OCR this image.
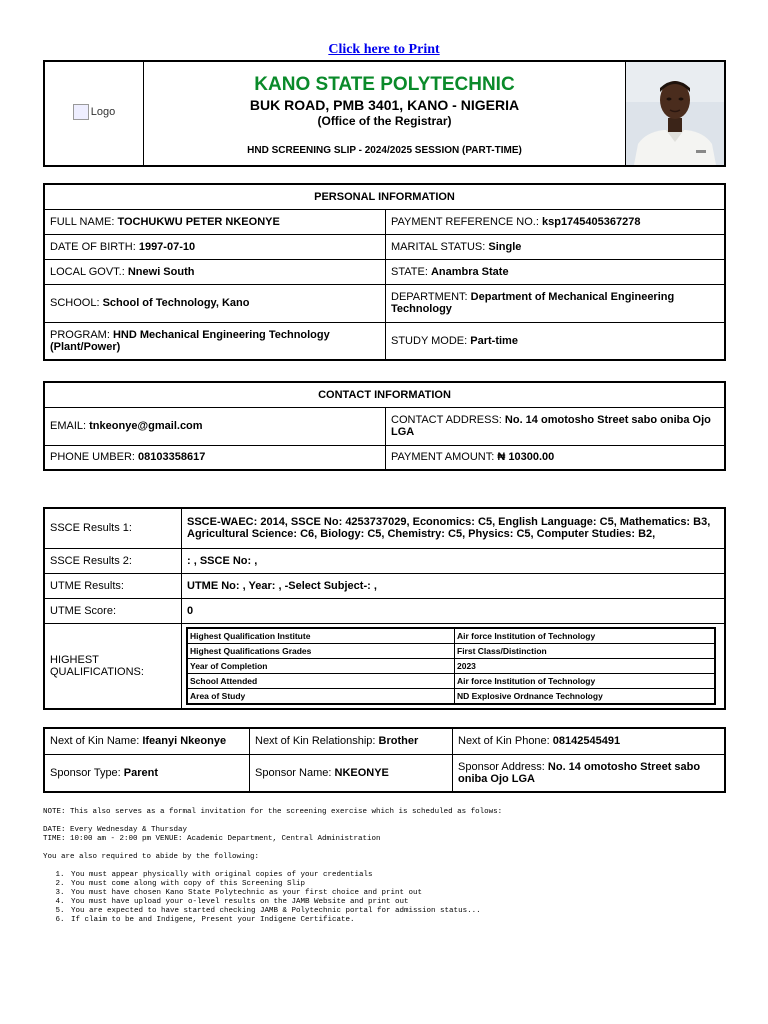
Click here to Print
Logo

KANO STATE POLYTECHNIC
BUK ROAD, PMB 3401, KANO - NIGERIA
(Office of the Registrar)
HND SCREENING SLIP - 2024/2025 SESSION (PART-TIME)

PERSONAL INFORMATION	
FULL NAME: TOCHUKWU PETER NKEONYE	PAYMENT REFERENCE NO.: ksp1745405367278
DATE OF BIRTH: 1997-07-10	MARITAL STATUS: Single
LOCAL GOVT.: Nnewi South	STATE: Anambra State
SCHOOL: School of Technology, Kano	DEPARTMENT: Department of Mechanical Engineering Technology
PROGRAM: HND Mechanical Engineering Technology (Plant/Power)	STUDY MODE: Part-time
CONTACT INFORMATION	
EMAIL: tnkeonye@gmail.com	CONTACT ADDRESS: No. 14 omotosho Street sabo oniba Ojo LGA
PHONE UMBER: 08103358617	PAYMENT AMOUNT: ₦ 10300.00
SSCE Results 1:	SSCE-WAEC: 2014, SSCE No: 4253737029, Economics: C5, English Language: C5, Mathematics: B3, Agricultural Science: C6, Biology: C5, Chemistry: C5, Physics: C5, Computer Studies: B2,
SSCE Results 2:	: , SSCE No: ,
UTME Results:	UTME No: , Year: , -Select Subject-: ,
UTME Score:	0
HIGHEST QUALIFICATIONS:	
Highest Qualification Institute	Air force Institution of Technology
Highest Qualifications Grades	First Class/Distinction
Year of Completion	2023
School Attended	Air force Institution of Technology
Area of Study	ND Explosive Ordnance Technology
Next of Kin Name: Ifeanyi Nkeonye	Next of Kin Relationship: Brother	Next of Kin Phone: 08142545491
Sponsor Type: Parent	Sponsor Name: NKEONYE	Sponsor Address: No. 14 omotosho Street sabo oniba Ojo LGA
NOTE: This also serves as a formal invitation for the screening exercise which is scheduled as folows:

DATE: Every Wednesday & Thursday
TIME: 10:00 am - 2:00 pm VENUE: Academic Department, Central Administration

You are also required to abide by the following:

1. You must appear physically with original copies of your credentials
2. You must come along with copy of this Screening Slip
3. You must have chosen Kano State Polytechnic as your first choice and print out
4. You must have upload your o-level results on the JAMB Website and print out
5. You are expected to have started checking JAMB & Polytechnic portal for admission status...
6. If claim to be and Indigene, Present your Indigene Certificate.
